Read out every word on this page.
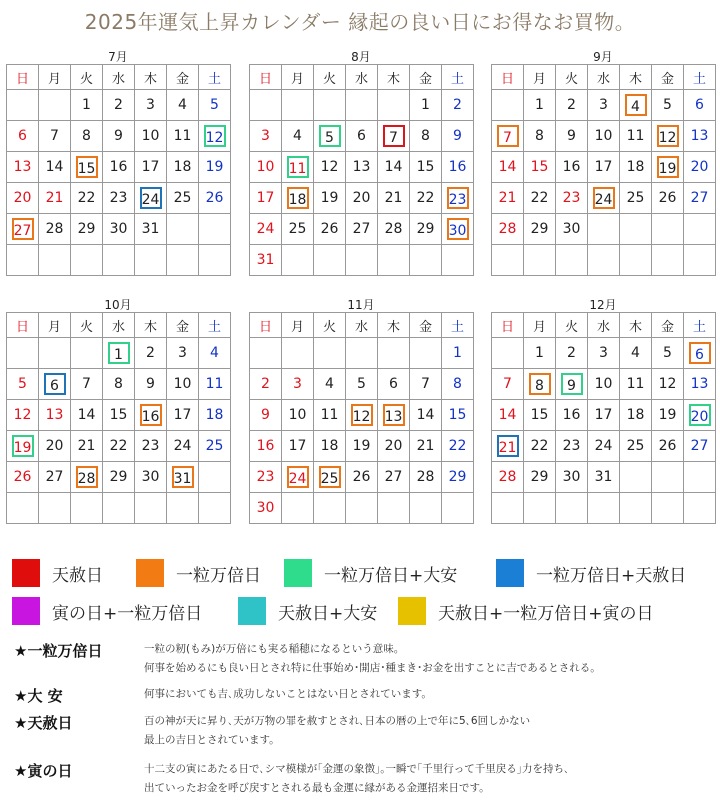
2025年運気上昇カレンダー 縁起の良い日にお得なお買物。
7月
日	月	火	水	木	金	土
		1	2	3	4	5
6	7	8	9	10	11	12
13	14	15	16	17	18	19
20	21	22	23	24	25	26
27	28	29	30	31		

8月
日	月	火	水	木	金	土
					1	2
3	4	5	6	7	8	9
10	11	12	13	14	15	16
17	18	19	20	21	22	23
24	25	26	27	28	29	30
31						
9月
日	月	火	水	木	金	土
	1	2	3	4	5	6
7	8	9	10	11	12	13
14	15	16	17	18	19	20
21	22	23	24	25	26	27
28	29	30				

10月
日	月	火	水	木	金	土
			1	2	3	4
5	6	7	8	9	10	11
12	13	14	15	16	17	18
19	20	21	22	23	24	25
26	27	28	29	30	31	

11月
日	月	火	水	木	金	土
						1
2	3	4	5	6	7	8
9	10	11	12	13	14	15
16	17	18	19	20	21	22
23	24	25	26	27	28	29
30						
12月
日	月	火	水	木	金	土
	1	2	3	4	5	6
7	8	9	10	11	12	13
14	15	16	17	18	19	20
21	22	23	24	25	26	27
28	29	30	31			

天赦日	一粒万倍日	一粒万倍日+大安	一粒万倍日+天赦日
寅の日+一粒万倍日	天赦日+大安	天赦日+一粒万倍日+寅の日
★一粒万倍日	一粒の籾(もみ)が万倍にも実る稲穂になるという意味。
何事を始めるにも良い日とされ特に仕事始め･開店･種まき･お金を出すことに吉であるとされる。
★大 安	何事においても吉､成功しないことはない日とされています。
★天赦日	百の神が天に昇り､天が万物の罪を赦すとされ､日本の暦の上で年に5､6回しかない
最上の吉日とされています。
★寅の日	十二支の寅にあたる日で､シマ模様が｢金運の象徴｣｡一瞬で｢千里行って千里戻る｣力を持ち､
出ていったお金を呼び戻すとされる最も金運に縁がある金運招来日です。
